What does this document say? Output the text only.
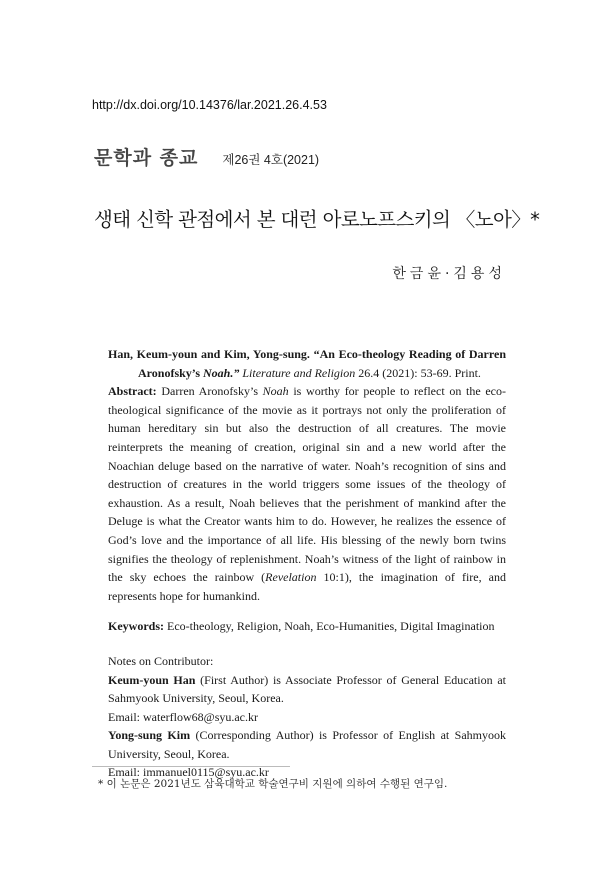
http://dx.doi.org/10.14376/lar.2021.26.4.53
문학과 종교 제26권 4호(2021)
생태 신학 관점에서 본 대런 아로노프스키의 〈노아〉*
한금윤·김용성
Han, Keum-youn and Kim, Yong-sung. “An Eco-theology Reading of Darren
Aronofsky’s Noah.” Literature and Religion 26.4 (2021): 53-69. Print.

Abstract: Darren Aronofsky’s Noah is worthy for people to reflect on the eco-theological significance of the movie as it portrays not only the proliferation of human hereditary sin but also the destruction of all creatures. The movie reinterprets the meaning of creation, original sin and a new world after the Noachian deluge based on the narrative of water. Noah’s recognition of sins and destruction of creatures in the world triggers some issues of the theology of exhaustion. As a result, Noah believes that the perishment of mankind after the Deluge is what the Creator wants him to do. However, he realizes the essence of God’s love and the importance of all life. His blessing of the newly born twins signifies the theology of replenishment. Noah’s witness of the light of rainbow in the sky echoes the rainbow (Revelation 10:1), the imagination of fire, and represents hope for humankind.

Keywords: Eco-theology, Religion, Noah, Eco-Humanities, Digital Imagination
Notes on Contributor:
Keum-youn Han (First Author) is Associate Professor of General Education at Sahmyook University, Seoul, Korea.
Email: waterflow68@syu.ac.kr
Yong-sung Kim (Corresponding Author) is Professor of English at Sahmyook University, Seoul, Korea.
Email: immanuel0115@syu.ac.kr
* 이 논문은 2021년도 삼육대학교 학술연구비 지원에 의하여 수행된 연구임.
